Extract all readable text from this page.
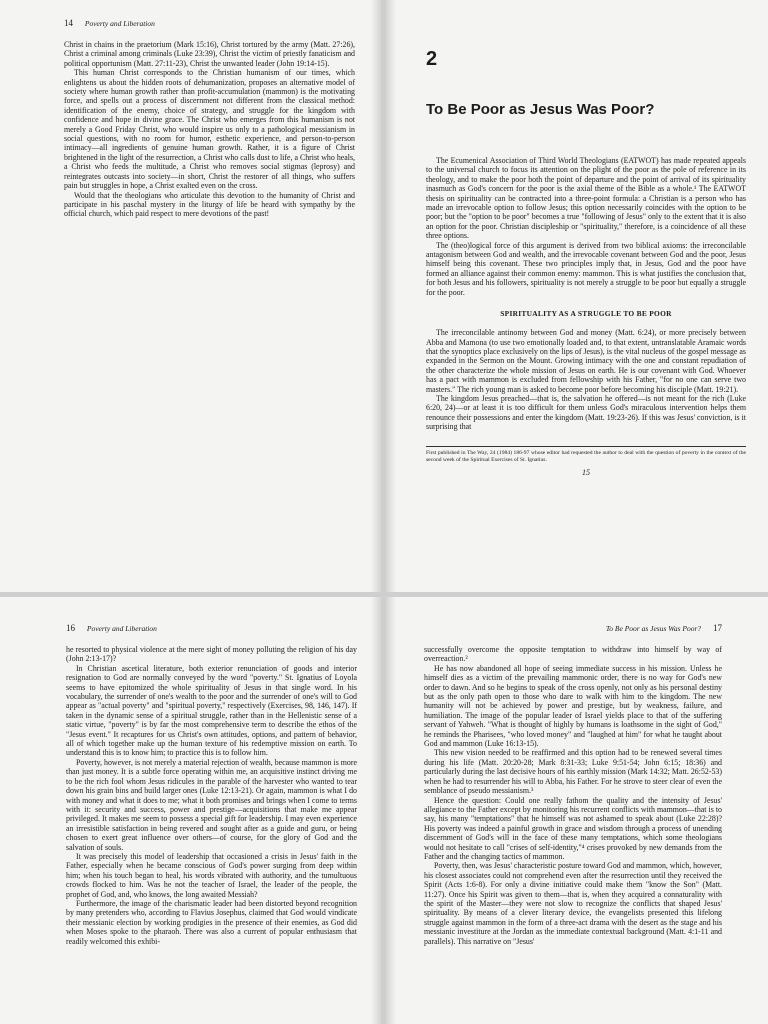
14 Poverty and Liberation

Christ in chains in the praetorium (Mark 15:16), Christ tortured by the army (Matt. 27:26), Christ a criminal among criminals (Luke 23:39), Christ the victim of priestly fanaticism and political opportunism (Matt. 27:11-23), Christ the unwanted leader (John 19:14-15).

This human Christ corresponds to the Christian humanism of our times, which enlightens us about the hidden roots of dehumanization, proposes an alternative model of society where human growth rather than profit-accumulation (mammon) is the motivating force, and spells out a process of discernment not different from the classical method: identification of the enemy, choice of strategy, and struggle for the kingdom with confidence and hope in divine grace. The Christ who emerges from this humanism is not merely a Good Friday Christ, who would inspire us only to a pathological messianism in social questions, with no room for humor, esthetic experience, and person-to-person intimacy—all ingredients of genuine human growth. Rather, it is a figure of Christ brightened in the light of the resurrection, a Christ who calls dust to life, a Christ who heals, a Christ who feeds the multitude, a Christ who removes social stigmas (leprosy) and reintegrates outcasts into society—in short, Christ the restorer of all things, who suffers pain but struggles in hope, a Christ exalted even on the cross.

Would that the theologians who articulate this devotion to the humanity of Christ and participate in his paschal mystery in the liturgy of life be heard with sympathy by the official church, which paid respect to mere devotions of the past!

2
To Be Poor as Jesus Was Poor?

The Ecumenical Association of Third World Theologians (EATWOT) has made repeated appeals to the universal church to focus its attention on the plight of the poor as the pole of reference in its theology, and to make the poor both the point of departure and the point of arrival of its spirituality inasmuch as God's concern for the poor is the axial theme of the Bible as a whole.¹ The EATWOT thesis on spirituality can be contracted into a three-point formula: a Christian is a person who has made an irrevocable option to follow Jesus; this option necessarily coincides with the option to be poor; but the "option to be poor" becomes a true "following of Jesus" only to the extent that it is also an option for the poor. Christian discipleship or "spirituality," therefore, is a coincidence of all these three options.

The (theo)logical force of this argument is derived from two biblical axioms: the irreconcilable antagonism between God and wealth, and the irrevocable covenant between God and the poor, Jesus himself being this covenant. These two principles imply that, in Jesus, God and the poor have formed an alliance against their common enemy: mammon. This is what justifies the conclusion that, for both Jesus and his followers, spirituality is not merely a struggle to be poor but equally a struggle for the poor.

SPIRITUALITY AS A STRUGGLE TO BE POOR

The irreconcilable antinomy between God and money (Matt. 6:24), or more precisely between Abba and Mamona (to use two emotionally loaded and, to that extent, untranslatable Aramaic words that the synoptics place exclusively on the lips of Jesus), is the vital nucleus of the gospel message as expanded in the Sermon on the Mount. Growing intimacy with the one and constant repudiation of the other characterize the whole mission of Jesus on earth. He is our covenant with God. Whoever has a pact with mammon is excluded from fellowship with his Father, "for no one can serve two masters." The rich young man is asked to become poor before becoming his disciple (Matt. 19:21).

The kingdom Jesus preached—that is, the salvation he offered—is not meant for the rich (Luke 6:20, 24)—or at least it is too difficult for them unless God's miraculous intervention helps them renounce their possessions and enter the kingdom (Matt. 19:23-26). If this was Jesus' conviction, is it surprising that

First published in The Way, 24 (1984) 186-97 whose editor had requested the author to deal with the question of poverty in the context of the second week of the Spiritual Exercises of St. Ignatius.
15
16 Poverty and Liberation

he resorted to physical violence at the mere sight of money polluting the religion of his day (John 2:13-17)?

In Christian ascetical literature, both exterior renunciation of goods and interior resignation to God are normally conveyed by the word "poverty." St. Ignatius of Loyola seems to have epitomized the whole spirituality of Jesus in that single word. In his vocabulary, the surrender of one's wealth to the poor and the surrender of one's will to God appear as "actual poverty" and "spiritual poverty," respectively (Exercises, 98, 146, 147). If taken in the dynamic sense of a spiritual struggle, rather than in the Hellenistic sense of a static virtue, "poverty" is by far the most comprehensive term to describe the ethos of the "Jesus event." It recaptures for us Christ's own attitudes, options, and pattern of behavior, all of which together make up the human texture of his redemptive mission on earth. To understand this is to know him; to practice this is to follow him.

Poverty, however, is not merely a material rejection of wealth, because mammon is more than just money. It is a subtle force operating within me, an acquisitive instinct driving me to be the rich fool whom Jesus ridicules in the parable of the harvester who wanted to tear down his grain bins and build larger ones (Luke 12:13-21). Or again, mammon is what I do with money and what it does to me; what it both promises and brings when I come to terms with it: security and success, power and prestige—acquisitions that make me appear privileged. It makes me seem to possess a special gift for leadership. I may even experience an irresistible satisfaction in being revered and sought after as a guide and guru, or being chosen to exert great influence over others—of course, for the glory of God and the salvation of souls.

It was precisely this model of leadership that occasioned a crisis in Jesus' faith in the Father, especially when he became conscious of God's power surging from deep within him; when his touch began to heal, his words vibrated with authority, and the tumultuous crowds flocked to him. Was he not the teacher of Israel, the leader of the people, the prophet of God, and, who knows, the long awaited Messiah?

Furthermore, the image of the charismatic leader had been distorted beyond recognition by many pretenders who, according to Flavius Josephus, claimed that God would vindicate their messianic election by working prodigies in the presence of their enemies, as God did when Moses spoke to the pharaoh. There was also a current of popular enthusiasm that readily welcomed this exhibi-

To Be Poor as Jesus Was Poor? 17

successfully overcome the opposite temptation to withdraw into himself by way of overreaction.²

He has now abandoned all hope of seeing immediate success in his mission. Unless he himself dies as a victim of the prevailing mammonic order, there is no way for God's new order to dawn. And so he begins to speak of the cross openly, not only as his personal destiny but as the only path open to those who dare to walk with him to the kingdom. The new humanity will not be achieved by power and prestige, but by weakness, failure, and humiliation. The image of the popular leader of Israel yields place to that of the suffering servant of Yahweh. "What is thought of highly by humans is loathsome in the sight of God," he reminds the Pharisees, "who loved money" and "laughed at him" for what he taught about God and mammon (Luke 16:13-15).

This new vision needed to be reaffirmed and this option had to be renewed several times during his life (Matt. 20:20-28; Mark 8:31-33; Luke 9:51-54; John 6:15; 18:36) and particularly during the last decisive hours of his earthly mission (Mark 14:32; Matt. 26:52-53) when he had to resurrender his will to Abba, his Father. For he strove to steer clear of even the semblance of pseudo messianism.³

Hence the question: Could one really fathom the quality and the intensity of Jesus' allegiance to the Father except by monitoring his recurrent conflicts with mammon—that is to say, his many "temptations" that he himself was not ashamed to speak about (Luke 22:28)? His poverty was indeed a painful growth in grace and wisdom through a process of unending discernment of God's will in the face of these many temptations, which some theologians would not hesitate to call "crises of self-identity,"⁴ crises provoked by new demands from the Father and the changing tactics of mammon.

Poverty, then, was Jesus' characteristic posture toward God and mammon, which, however, his closest associates could not comprehend even after the resurrection until they received the Spirit (Acts 1:6-8). For only a divine initiative could make them "know the Son" (Matt. 11:27). Once his Spirit was given to them—that is, when they acquired a connaturality with the spirit of the Master—they were not slow to recognize the conflicts that shaped Jesus' spirituality. By means of a clever literary device, the evangelists presented this lifelong struggle against mammon in the form of a three-act drama with the desert as the stage and his messianic investiture at the Jordan as the immediate contextual background (Matt. 4:1-11 and parallels). This narrative on "Jesus'
